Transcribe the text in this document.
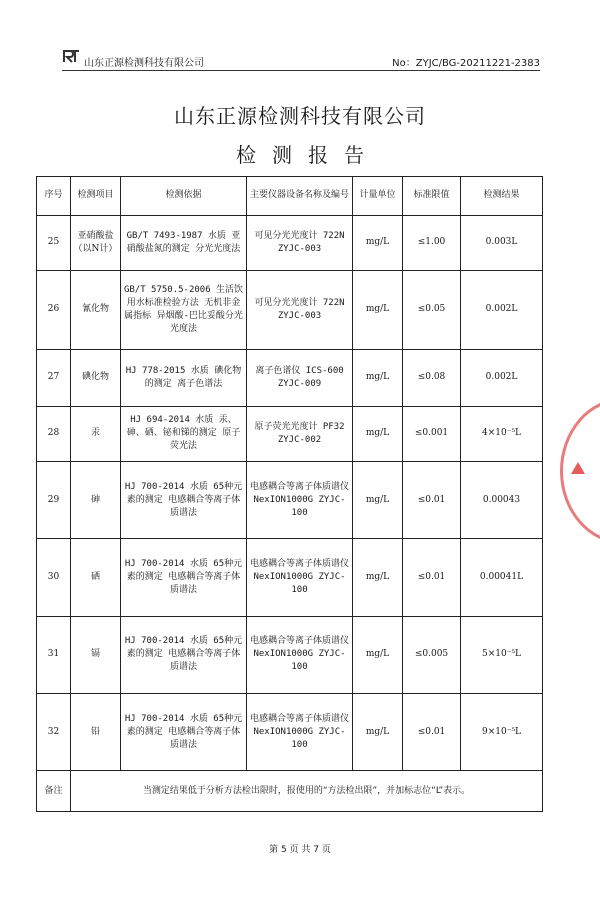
山东正源检测科技有限公司	No：ZYJC/BG-20211221-2383
山东正源检测科技有限公司
检测报告
序号	检测项目	检测依据	主要仪器设备名称及编号	计量单位	标准限值	检测结果
25	亚硝酸盐（以N计）	GB/T 7493-1987 水质 亚硝酸盐氮的测定 分光光度法	可见分光光度计 722N ZYJC-003	mg/L	≤1.00	0.003L
26	氰化物	GB/T 5750.5-2006 生活饮用水标准检验方法 无机非金属指标 异烟酸-巴比妥酸分光光度法	可见分光光度计 722N ZYJC-003	mg/L	≤0.05	0.002L
27	碘化物	HJ 778-2015 水质 碘化物的测定 离子色谱法	离子色谱仪 ICS-600 ZYJC-009	mg/L	≤0.08	0.002L
28	汞	HJ 694-2014 水质 汞、砷、硒、铋和锑的测定 原子荧光法	原子荧光光度计 PF32 ZYJC-002	mg/L	≤0.001	4×10⁻⁵L
29	砷	HJ 700-2014 水质 65种元素的测定 电感耦合等离子体质谱法	电感耦合等离子体质谱仪 NexION1000G ZYJC-100	mg/L	≤0.01	0.00043
30	硒	HJ 700-2014 水质 65种元素的测定 电感耦合等离子体质谱法	电感耦合等离子体质谱仪 NexION1000G ZYJC-100	mg/L	≤0.01	0.00041L
31	镉	HJ 700-2014 水质 65种元素的测定 电感耦合等离子体质谱法	电感耦合等离子体质谱仪 NexION1000G ZYJC-100	mg/L	≤0.005	5×10⁻⁵L
32	铅	HJ 700-2014 水质 65种元素的测定 电感耦合等离子体质谱法	电感耦合等离子体质谱仪 NexION1000G ZYJC-100	mg/L	≤0.01	9×10⁻⁵L
备注	当测定结果低于分析方法检出限时，报使用的“方法检出限”，并加标志位“L”表示。					
第 5 页 共 7 页
